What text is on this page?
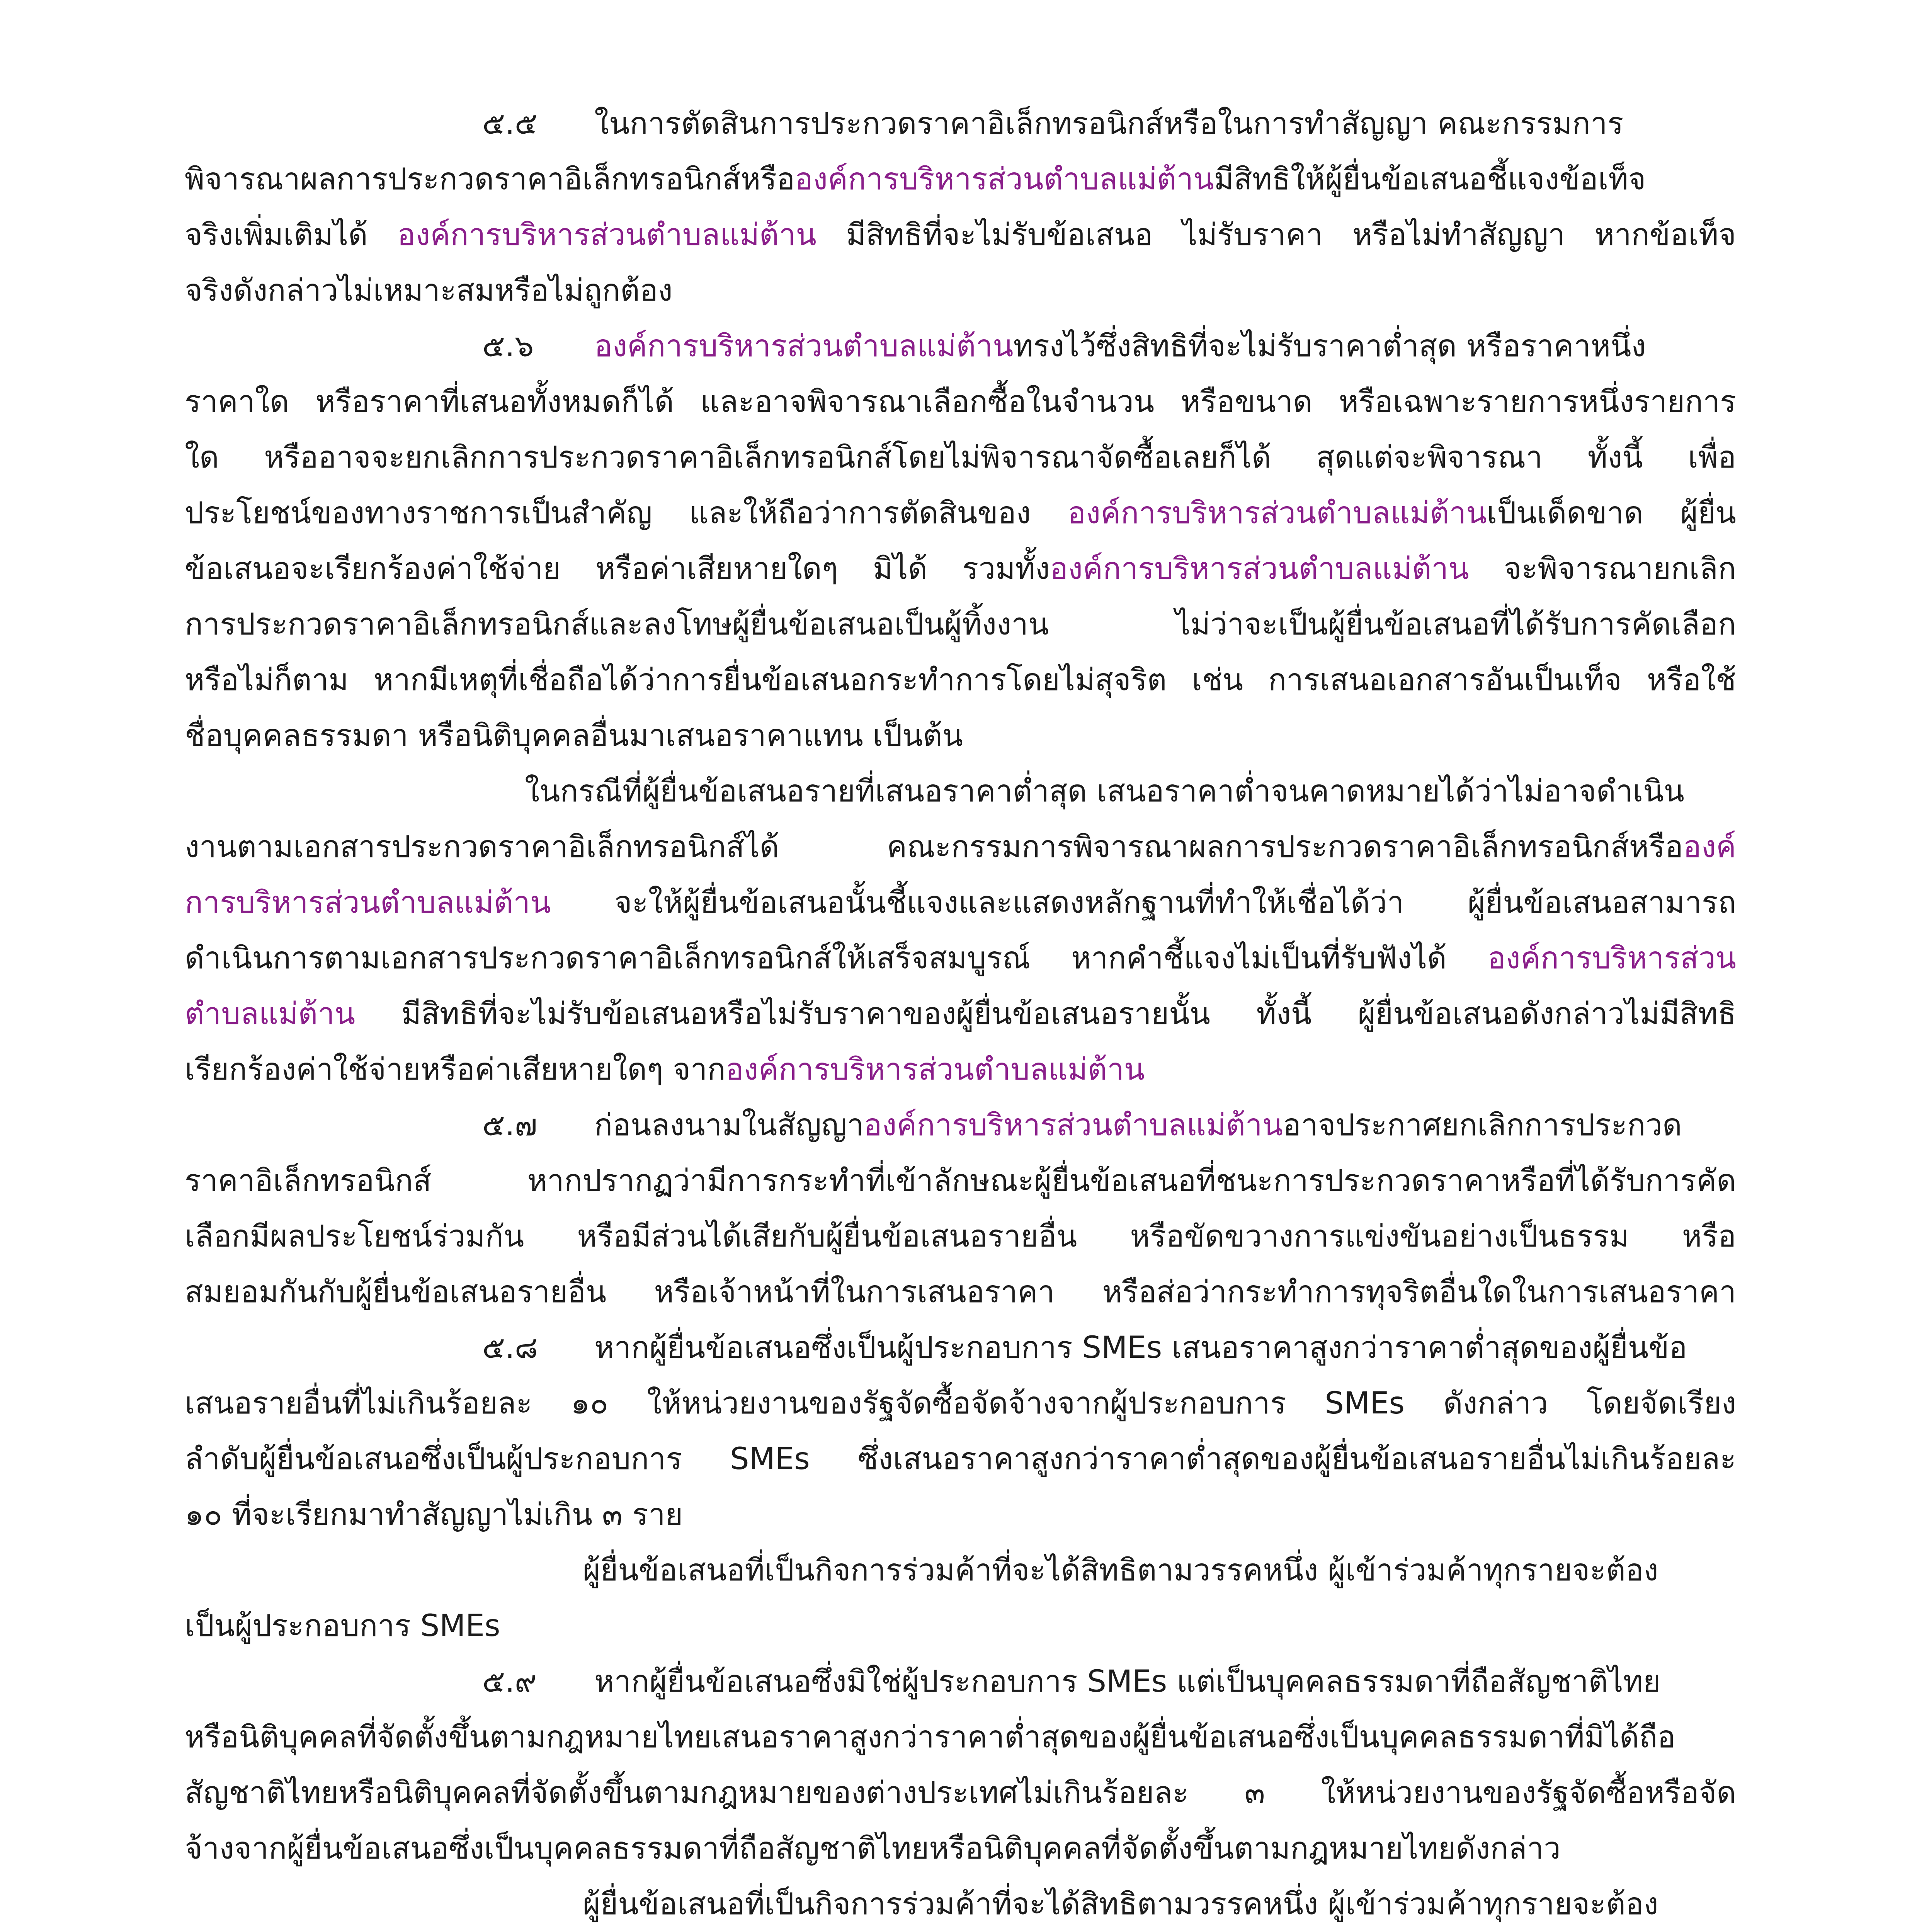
๕.๕ ในการตัดสินการประกวดราคาอิเล็กทรอนิกส์หรือในการทำสัญญา คณะกรรมการ
พิจารณาผลการประกวดราคาอิเล็กทรอนิกส์หรือองค์การบริหารส่วนตำบลแม่ต้านมีสิทธิให้ผู้ยื่นข้อเสนอชี้แจงข้อเท็จ
จริงเพิ่มเติมได้ องค์การบริหารส่วนตำบลแม่ต้าน มีสิทธิที่จะไม่รับข้อเสนอ ไม่รับราคา หรือไม่ทำสัญญา หากข้อเท็จ
จริงดังกล่าวไม่เหมาะสมหรือไม่ถูกต้อง
๕.๖ องค์การบริหารส่วนตำบลแม่ต้านทรงไว้ซึ่งสิทธิที่จะไม่รับราคาต่ำสุด หรือราคาหนึ่ง
ราคาใด หรือราคาที่เสนอทั้งหมดก็ได้ และอาจพิจารณาเลือกซื้อในจำนวน หรือขนาด หรือเฉพาะรายการหนึ่งรายการ
ใด หรืออาจจะยกเลิกการประกวดราคาอิเล็กทรอนิกส์โดยไม่พิจารณาจัดซื้อเลยก็ได้ สุดแต่จะพิจารณา ทั้งนี้ เพื่อ
ประโยชน์ของทางราชการเป็นสำคัญ และให้ถือว่าการตัดสินของ องค์การบริหารส่วนตำบลแม่ต้านเป็นเด็ดขาด ผู้ยื่น
ข้อเสนอจะเรียกร้องค่าใช้จ่าย หรือค่าเสียหายใดๆ มิได้ รวมทั้งองค์การบริหารส่วนตำบลแม่ต้าน จะพิจารณายกเลิก
การประกวดราคาอิเล็กทรอนิกส์และลงโทษผู้ยื่นข้อเสนอเป็นผู้ทิ้งงาน ไม่ว่าจะเป็นผู้ยื่นข้อเสนอที่ได้รับการคัดเลือก
หรือไม่ก็ตาม หากมีเหตุที่เชื่อถือได้ว่าการยื่นข้อเสนอกระทำการโดยไม่สุจริต เช่น การเสนอเอกสารอันเป็นเท็จ หรือใช้
ชื่อบุคคลธรรมดา หรือนิติบุคคลอื่นมาเสนอราคาแทน เป็นต้น
ในกรณีที่ผู้ยื่นข้อเสนอรายที่เสนอราคาต่ำสุด เสนอราคาต่ำจนคาดหมายได้ว่าไม่อาจดำเนิน
งานตามเอกสารประกวดราคาอิเล็กทรอนิกส์ได้ คณะกรรมการพิจารณาผลการประกวดราคาอิเล็กทรอนิกส์หรือองค์
การบริหารส่วนตำบลแม่ต้าน จะให้ผู้ยื่นข้อเสนอนั้นชี้แจงและแสดงหลักฐานที่ทำให้เชื่อได้ว่า ผู้ยื่นข้อเสนอสามารถ
ดำเนินการตามเอกสารประกวดราคาอิเล็กทรอนิกส์ให้เสร็จสมบูรณ์ หากคำชี้แจงไม่เป็นที่รับฟังได้ องค์การบริหารส่วน
ตำบลแม่ต้าน มีสิทธิที่จะไม่รับข้อเสนอหรือไม่รับราคาของผู้ยื่นข้อเสนอรายนั้น ทั้งนี้ ผู้ยื่นข้อเสนอดังกล่าวไม่มีสิทธิ
เรียกร้องค่าใช้จ่ายหรือค่าเสียหายใดๆ จากองค์การบริหารส่วนตำบลแม่ต้าน
๕.๗ ก่อนลงนามในสัญญาองค์การบริหารส่วนตำบลแม่ต้านอาจประกาศยกเลิกการประกวด
ราคาอิเล็กทรอนิกส์ หากปรากฏว่ามีการกระทำที่เข้าลักษณะผู้ยื่นข้อเสนอที่ชนะการประกวดราคาหรือที่ได้รับการคัด
เลือกมีผลประโยชน์ร่วมกัน หรือมีส่วนได้เสียกับผู้ยื่นข้อเสนอรายอื่น หรือขัดขวางการแข่งขันอย่างเป็นธรรม หรือ
สมยอมกันกับผู้ยื่นข้อเสนอรายอื่น หรือเจ้าหน้าที่ในการเสนอราคา หรือส่อว่ากระทำการทุจริตอื่นใดในการเสนอราคา
๕.๘ หากผู้ยื่นข้อเสนอซึ่งเป็นผู้ประกอบการ SMEs เสนอราคาสูงกว่าราคาต่ำสุดของผู้ยื่นข้อ
เสนอรายอื่นที่ไม่เกินร้อยละ ๑๐ ให้หน่วยงานของรัฐจัดซื้อจัดจ้างจากผู้ประกอบการ SMEs ดังกล่าว โดยจัดเรียง
ลำดับผู้ยื่นข้อเสนอซึ่งเป็นผู้ประกอบการ SMEs ซึ่งเสนอราคาสูงกว่าราคาต่ำสุดของผู้ยื่นข้อเสนอรายอื่นไม่เกินร้อยละ
๑๐ ที่จะเรียกมาทำสัญญาไม่เกิน ๓ ราย
ผู้ยื่นข้อเสนอที่เป็นกิจการร่วมค้าที่จะได้สิทธิตามวรรคหนึ่ง ผู้เข้าร่วมค้าทุกรายจะต้อง
เป็นผู้ประกอบการ SMEs
๕.๙ หากผู้ยื่นข้อเสนอซึ่งมิใช่ผู้ประกอบการ SMEs แต่เป็นบุคคลธรรมดาที่ถือสัญชาติไทย
หรือนิติบุคคลที่จัดตั้งขึ้นตามกฎหมายไทยเสนอราคาสูงกว่าราคาต่ำสุดของผู้ยื่นข้อเสนอซึ่งเป็นบุคคลธรรมดาที่มิได้ถือ
สัญชาติไทยหรือนิติบุคคลที่จัดตั้งขึ้นตามกฎหมายของต่างประเทศไม่เกินร้อยละ ๓ ให้หน่วยงานของรัฐจัดซื้อหรือจัด
จ้างจากผู้ยื่นข้อเสนอซึ่งเป็นบุคคลธรรมดาที่ถือสัญชาติไทยหรือนิติบุคคลที่จัดตั้งขึ้นตามกฎหมายไทยดังกล่าว
ผู้ยื่นข้อเสนอที่เป็นกิจการร่วมค้าที่จะได้สิทธิตามวรรคหนึ่ง ผู้เข้าร่วมค้าทุกรายจะต้อง
